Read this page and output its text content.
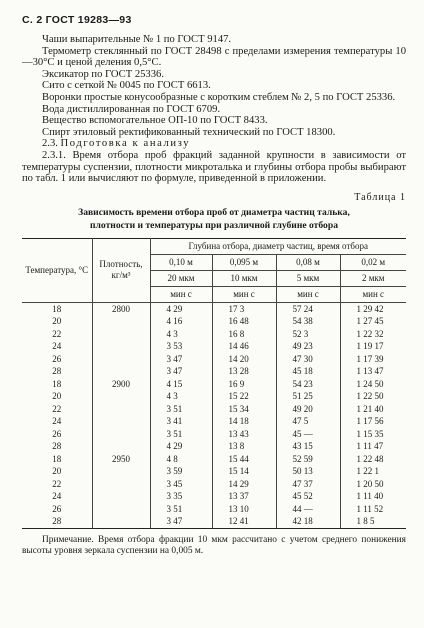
С. 2 ГОСТ 19283—93
Чаши выпарительные № 1 по ГОСТ 9147.
Термометр стеклянный по ГОСТ 28498 с пределами измерения температуры 10—30°С и ценой деления 0,5°С.
Эксикатор по ГОСТ 25336.
Сито с сеткой № 0045 по ГОСТ 6613.
Воронки простые конусообразные с коротким стеблем № 2, 5 по ГОСТ 25336.
Вода дистиллированная по ГОСТ 6709.
Вещество вспомогательное ОП-10 по ГОСТ 8433.
Спирт этиловый ректификованный технический по ГОСТ 18300.
2.3. Подготовка к анализу
2.3.1. Время отбора проб фракций заданной крупности в зависимости от температуры суспензии, плотности микроталька и глубины отбора пробы выбирают по табл. 1 или вычисляют по формуле, приведенной в приложении.
Таблица 1
Зависимость времени отбора проб от диаметра частиц талька,
плотности и температуры при различной глубине отбора
Температура, °С	Плотность, кг/м³	Глубина отбора, диаметр частиц, время отбора			
		0,10 м	0,095 м	0,08 м	0,02 м
		20 мкм	10 мкм	5 мкм	2 мкм
		мин с	мин с	мин с	мин с
18	2800	4 29	17 3	57 24	1 29 42
20		4 16	16 48	54 38	1 27 45
22		4 3	16 8	52 3	1 22 32
24		3 53	14 46	49 23	1 19 17
26		3 47	14 20	47 30	1 17 39
28		3 47	13 28	45 18	1 13 47
18	2900	4 15	16 9	54 23	1 24 50
20		4 3	15 22	51 25	1 22 50
22		3 51	15 34	49 20	1 21 40
24		3 41	14 18	47 5	1 17 56
26		3 51	13 43	45 —	1 15 35
28		4 29	13 8	43 15	1 11 47
18	2950	4 8	15 44	52 59	1 22 48
20		3 59	15 14	50 13	1 22 1
22		3 45	14 29	47 37	1 20 50
24		3 35	13 37	45 52	1 11 40
26		3 51	13 10	44 —	1 11 52
28		3 47	12 41	42 18	1 8 5
Примечание. Время отбора фракции 10 мкм рассчитано с учетом среднего понижения высоты уровня зеркала суспензии на 0,005 м.
